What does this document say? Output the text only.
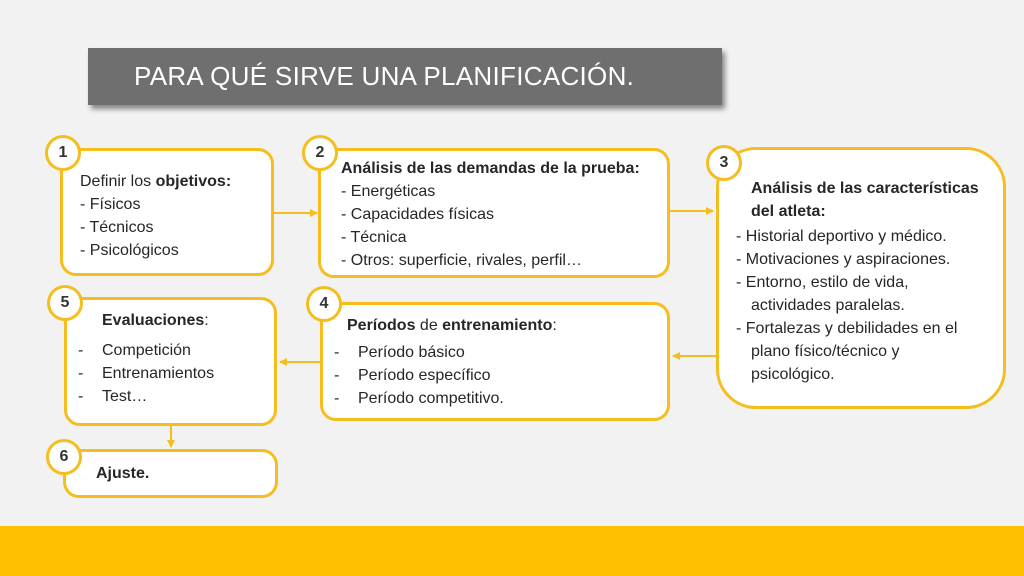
PARA QUÉ SIRVE UNA PLANIFICACIÓN.
1
Definir los objetivos:
- Físicos
- Técnicos
- Psicológicos
2
Análisis de las demandas de la prueba:
- Energéticas
- Capacidades físicas
- Técnica
- Otros: superficie, rivales, perfil…
3
Análisis de las características
del atleta:
- Historial deportivo y médico.
- Motivaciones y aspiraciones.
- Entorno, estilo de vida,
actividades paralelas.
- Fortalezas y debilidades en el
plano físico/técnico y
psicológico.
4
Períodos de entrenamiento:
- Período básico
- Período específico
- Período competitivo.
5
Evaluaciones:
- Competición
- Entrenamientos
- Test…
6
Ajuste.
